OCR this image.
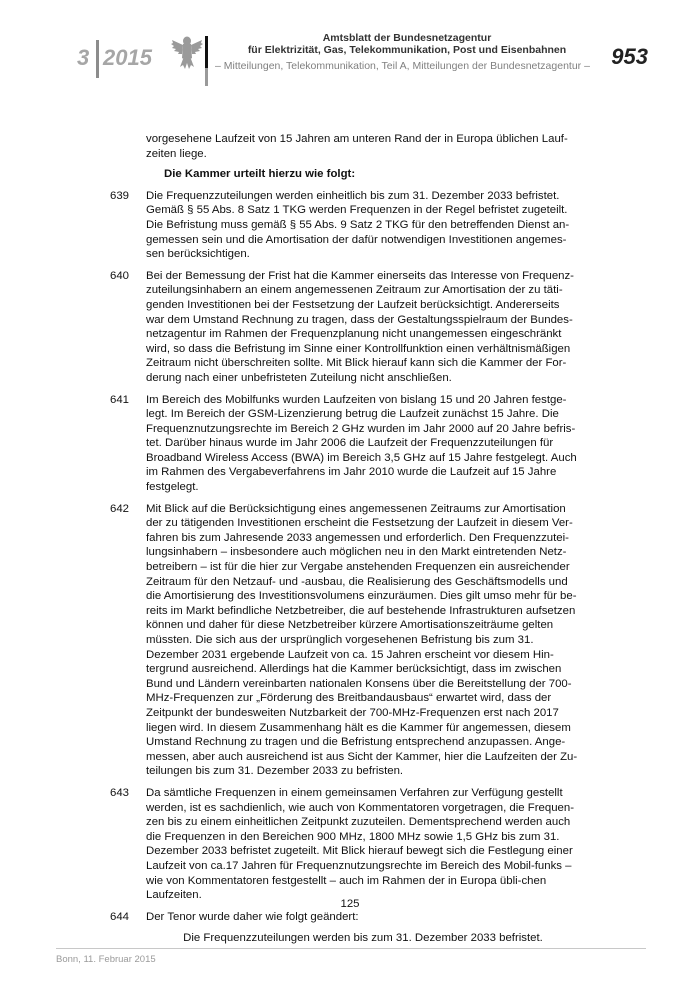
3 2015
Amtsblatt der Bundesnetzagentur
für Elektrizität, Gas, Telekommunikation, Post und Eisenbahnen
– Mitteilungen, Telekommunikation, Teil A, Mitteilungen der Bundesnetzagentur – 953
vorgesehene Laufzeit von 15 Jahren am unteren Rand der in Europa üblichen Lauf-zeiten liege.
Die Kammer urteilt hierzu wie folgt:
639	Die Frequenzzuteilungen werden einheitlich bis zum 31. Dezember 2033 befristet. Gemäß § 55 Abs. 8 Satz 1 TKG werden Frequenzen in der Regel befristet zugeteilt. Die Befristung muss gemäß § 55 Abs. 9 Satz 2 TKG für den betreffenden Dienst an-gemessen sein und die Amortisation der dafür notwendigen Investitionen angemes-sen berücksichtigen.
640	Bei der Bemessung der Frist hat die Kammer einerseits das Interesse von Frequenz-zuteilungsinhabern an einem angemessenen Zeitraum zur Amortisation der zu täti-genden Investitionen bei der Festsetzung der Laufzeit berücksichtigt. Andererseits war dem Umstand Rechnung zu tragen, dass der Gestaltungsspielraum der Bundes-netzagentur im Rahmen der Frequenzplanung nicht unangemessen eingeschränkt wird, so dass die Befristung im Sinne einer Kontrollfunktion einen verhältnismäßigen Zeitraum nicht überschreiten sollte. Mit Blick hierauf kann sich die Kammer der For-derung nach einer unbefristeten Zuteilung nicht anschließen.
641	Im Bereich des Mobilfunks wurden Laufzeiten von bislang 15 und 20 Jahren festge-legt. Im Bereich der GSM-Lizenzierung betrug die Laufzeit zunächst 15 Jahre. Die Frequenznutzungsrechte im Bereich 2 GHz wurden im Jahr 2000 auf 20 Jahre befris-tet. Darüber hinaus wurde im Jahr 2006 die Laufzeit der Frequenzzuteilungen für Broadband Wireless Access (BWA) im Bereich 3,5 GHz auf 15 Jahre festgelegt. Auch im Rahmen des Vergabeverfahrens im Jahr 2010 wurde die Laufzeit auf 15 Jahre festgelegt.
642	Mit Blick auf die Berücksichtigung eines angemessenen Zeitraums zur Amortisation der zu tätigenden Investitionen erscheint die Festsetzung der Laufzeit in diesem Ver-fahren bis zum Jahresende 2033 angemessen und erforderlich. Den Frequenzzutei-lungsinhabern – insbesondere auch möglichen neu in den Markt eintretenden Netz-betreibern – ist für die hier zur Vergabe anstehenden Frequenzen ein ausreichender Zeitraum für den Netzauf- und -ausbau, die Realisierung des Geschäftsmodells und die Amortisierung des Investitionsvolumens einzuräumen. Dies gilt umso mehr für be-reits im Markt befindliche Netzbetreiber, die auf bestehende Infrastrukturen aufsetzen können und daher für diese Netzbetreiber kürzere Amortisationszeiträume gelten müssten. Die sich aus der ursprünglich vorgesehenen Befristung bis zum 31. Dezember 2031 ergebende Laufzeit von ca. 15 Jahren erscheint vor diesem Hin-tergrund ausreichend. Allerdings hat die Kammer berücksichtigt, dass im zwischen Bund und Ländern vereinbarten nationalen Konsens über die Bereitstellung der 700-MHz-Frequenzen zur „Förderung des Breitbandausbaus“ erwartet wird, dass der Zeitpunkt der bundesweiten Nutzbarkeit der 700-MHz-Frequenzen erst nach 2017 liegen wird. In diesem Zusammenhang hält es die Kammer für angemessen, diesem Umstand Rechnung zu tragen und die Befristung entsprechend anzupassen. Ange-messen, aber auch ausreichend ist aus Sicht der Kammer, hier die Laufzeiten der Zu-teilungen bis zum 31. Dezember 2033 zu befristen.
643	Da sämtliche Frequenzen in einem gemeinsamen Verfahren zur Verfügung gestellt werden, ist es sachdienlich, wie auch von Kommentatoren vorgetragen, die Frequen-zen bis zu einem einheitlichen Zeitpunkt zuzuteilen. Dementsprechend werden auch die Frequenzen in den Bereichen 900 MHz, 1800 MHz sowie 1,5 GHz bis zum 31. Dezember 2033 befristet zugeteilt. Mit Blick hierauf bewegt sich die Festlegung einer Laufzeit von ca.17 Jahren für Frequenznutzungsrechte im Bereich des Mobil-funks – wie von Kommentatoren festgestellt – auch im Rahmen der in Europa übli-chen Laufzeiten.
644	Der Tenor wurde daher wie folgt geändert:
Die Frequenzzuteilungen werden bis zum 31. Dezember 2033 befristet.
125
Bonn, 11. Februar 2015
